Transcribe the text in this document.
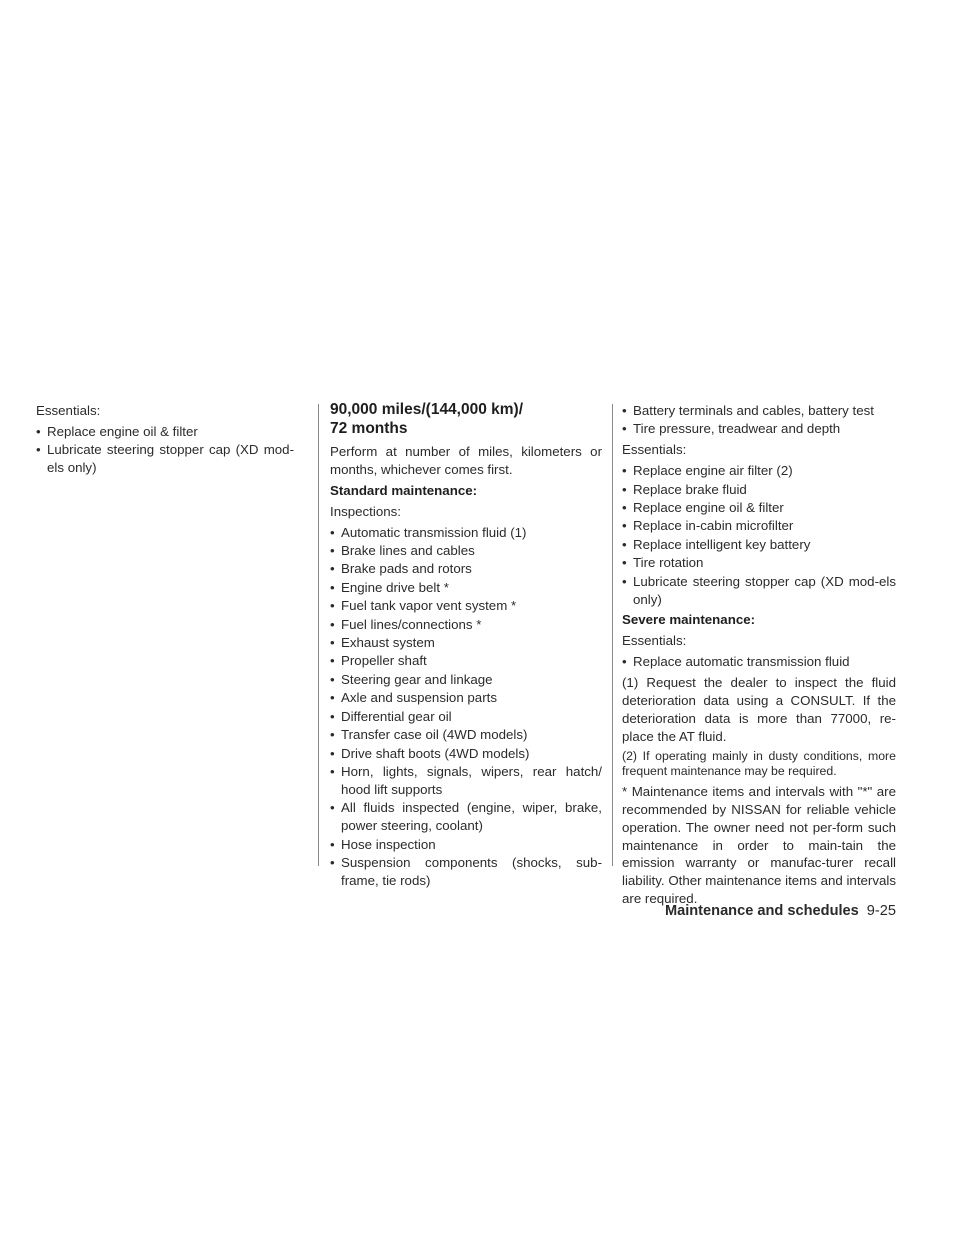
Essentials:

• Replace engine oil & filter
• Lubricate steering stopper cap (XD mod-els only)
90,000 miles/(144,000 km)/
72 months

Perform at number of miles, kilometers or months, whichever comes first.

Standard maintenance:

Inspections:

• Automatic transmission fluid (1)
• Brake lines and cables
• Brake pads and rotors
• Engine drive belt *
• Fuel tank vapor vent system *
• Fuel lines/connections *
• Exhaust system
• Propeller shaft
• Steering gear and linkage
• Axle and suspension parts
• Differential gear oil
• Transfer case oil (4WD models)
• Drive shaft boots (4WD models)
• Horn, lights, signals, wipers, rear hatch/ hood lift supports
• All fluids inspected (engine, wiper, brake, power steering, coolant)
• Hose inspection
• Suspension components (shocks, sub-frame, tie rods)
• Battery terminals and cables, battery test
• Tire pressure, treadwear and depth

Essentials:

• Replace engine air filter (2)
• Replace brake fluid
• Replace engine oil & filter
• Replace in-cabin microfilter
• Replace intelligent key battery
• Tire rotation
• Lubricate steering stopper cap (XD mod-els only)

Severe maintenance:

Essentials:

• Replace automatic transmission fluid

(1) Request the dealer to inspect the fluid deterioration data using a CONSULT. If the deterioration data is more than 77000, re-place the AT fluid.

(2) If operating mainly in dusty conditions, more frequent maintenance may be required.

* Maintenance items and intervals with "*" are recommended by NISSAN for reliable vehicle operation. The owner need not per-form such maintenance in order to main-tain the emission warranty or manufac-turer recall liability. Other maintenance items and intervals are required.

Maintenance and schedules 9-25
